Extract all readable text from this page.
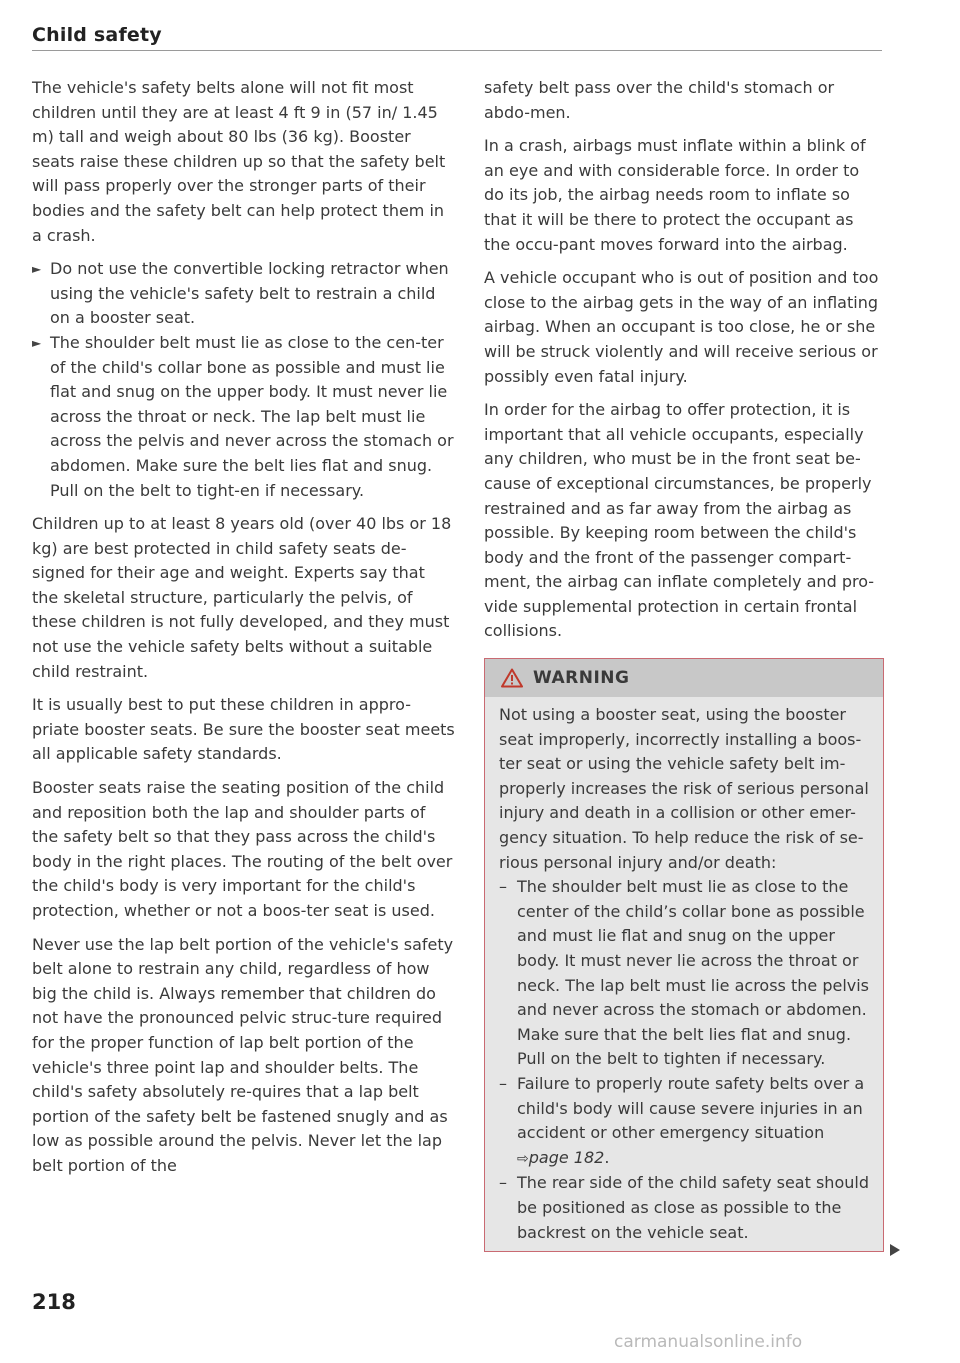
Child safety

The vehicle's safety belts alone will not fit most children until they are at least 4 ft 9 in (57 in/ 1.45 m) tall and weigh about 80 lbs (36 kg). Booster seats raise these children up so that the safety belt will pass properly over the stronger parts of their bodies and the safety belt can help protect them in a crash.

► Do not use the convertible locking retractor when using the vehicle's safety belt to restrain a child on a booster seat.
► The shoulder belt must lie as close to the cen-ter of the child's collar bone as possible and must lie flat and snug on the upper body. It must never lie across the throat or neck. The lap belt must lie across the pelvis and never across the stomach or abdomen. Make sure the belt lies flat and snug. Pull on the belt to tight-en if necessary.

Children up to at least 8 years old (over 40 lbs or 18 kg) are best protected in child safety seats de-signed for their age and weight. Experts say that the skeletal structure, particularly the pelvis, of these children is not fully developed, and they must not use the vehicle safety belts without a suitable child restraint.

It is usually best to put these children in appro-priate booster seats. Be sure the booster seat meets all applicable safety standards.

Booster seats raise the seating position of the child and reposition both the lap and shoulder parts of the safety belt so that they pass across the child's body in the right places. The routing of the belt over the child's body is very important for the child's protection, whether or not a boos-ter seat is used.

Never use the lap belt portion of the vehicle's safety belt alone to restrain any child, regardless of how big the child is. Always remember that children do not have the pronounced pelvic struc-ture required for the proper function of lap belt portion of the vehicle's three point lap and shoulder belts. The child's safety absolutely re-quires that a lap belt portion of the safety belt be fastened snugly and as low as possible around the pelvis. Never let the lap belt portion of the

safety belt pass over the child's stomach or abdo-men.

In a crash, airbags must inflate within a blink of an eye and with considerable force. In order to do its job, the airbag needs room to inflate so that it will be there to protect the occupant as the occu-pant moves forward into the airbag.

A vehicle occupant who is out of position and too close to the airbag gets in the way of an inflating airbag. When an occupant is too close, he or she will be struck violently and will receive serious or possibly even fatal injury.

In order for the airbag to offer protection, it is important that all vehicle occupants, especially any children, who must be in the front seat be-cause of exceptional circumstances, be properly restrained and as far away from the airbag as possible. By keeping room between the child's body and the front of the passenger compart-ment, the airbag can inflate completely and pro-vide supplemental protection in certain frontal collisions.

WARNING

Not using a booster seat, using the booster seat improperly, incorrectly installing a boos-ter seat or using the vehicle safety belt im-properly increases the risk of serious personal injury and death in a collision or other emer-gency situation. To help reduce the risk of se-rious personal injury and/or death:

– The shoulder belt must lie as close to the center of the child’s collar bone as possible and must lie flat and snug on the upper body. It must never lie across the throat or neck. The lap belt must lie across the pelvis and never across the stomach or abdomen. Make sure that the belt lies flat and snug. Pull on the belt to tighten if necessary.
– Failure to properly route safety belts over a child's body will cause severe injuries in an accident or other emergency situation
⇨page 182.
– The rear side of the child safety seat should be positioned as close as possible to the backrest on the vehicle seat.
218
carmanualsonline.info
